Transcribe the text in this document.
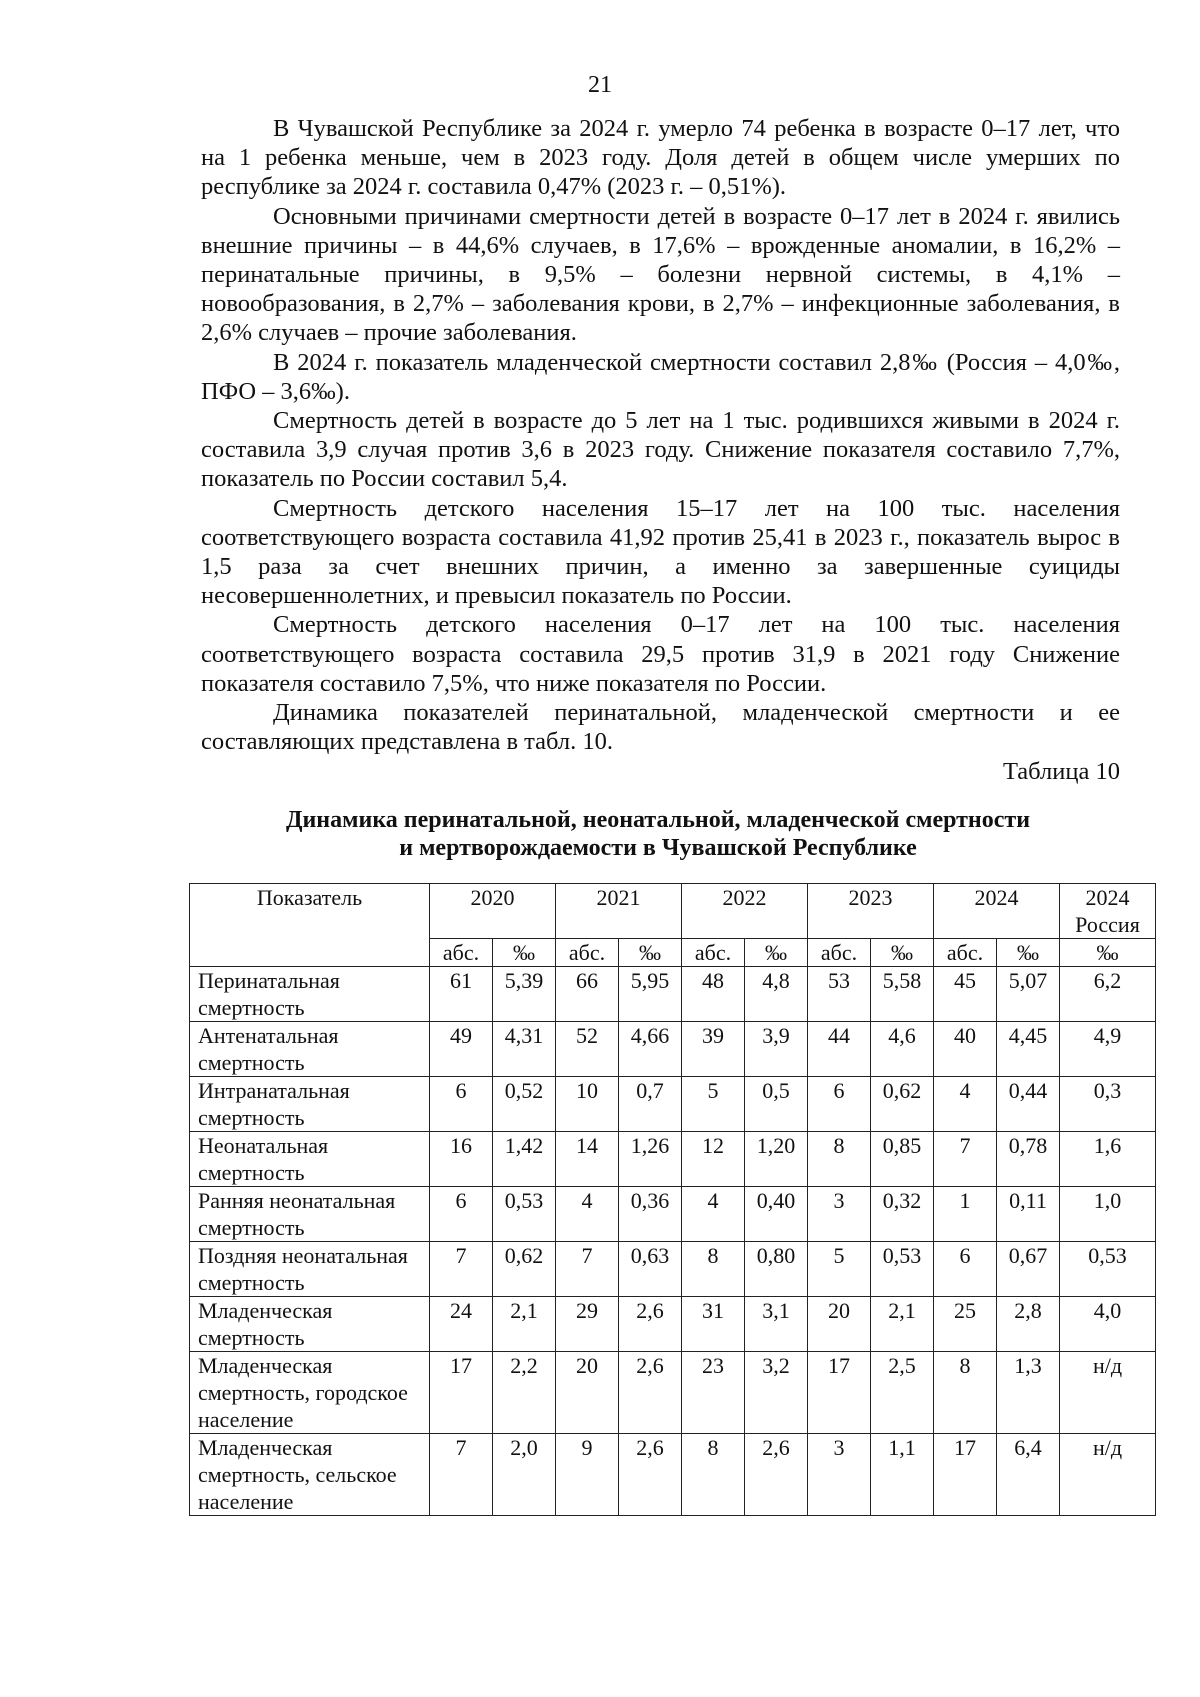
21

В Чувашской Республике за 2024 г. умерло 74 ребенка в возрасте 0–17 лет, что на 1 ребенка меньше, чем в 2023 году. Доля детей в общем числе умерших по республике за 2024 г. составила 0,47% (2023 г. – 0,51%).

Основными причинами смертности детей в возрасте 0–17 лет в 2024 г. явились внешние причины – в 44,6% случаев, в 17,6% – врожденные аномалии, в 16,2% – перинатальные причины, в 9,5% – болезни нервной системы, в 4,1% – новообразования, в 2,7% – заболевания крови, в 2,7% – инфекционные заболевания, в 2,6% случаев – прочие заболевания.

В 2024 г. показатель младенческой смертности составил 2,8‰ (Россия – 4,0‰, ПФО – 3,6‰).

Смертность детей в возрасте до 5 лет на 1 тыс. родившихся живыми в 2024 г. составила 3,9 случая против 3,6 в 2023 году. Снижение показателя составило 7,7%, показатель по России составил 5,4.

Смертность детского населения 15–17 лет на 100 тыс. населения соответствующего возраста составила 41,92 против 25,41 в 2023 г., показатель вырос в 1,5 раза за счет внешних причин, а именно за завершенные суициды несовершеннолетних, и превысил показатель по России.

Смертность детского населения 0–17 лет на 100 тыс. населения соответствующего возраста составила 29,5 против 31,9 в 2021 году Снижение показателя составило 7,5%, что ниже показателя по России.

Динамика показателей перинатальной, младенческой смертности и ее составляющих представлена в табл. 10.

Таблица 10
Динамика перинатальной, неонатальной, младенческой смертности
и мертворождаемости в Чувашской Республике
Показатель	2020		2021		2022		2023		2024		2024 Россия
	абс.	‰	абс.	‰	абс.	‰	абс.	‰	абс.	‰	‰
Перинатальная смертность	61	5,39	66	5,95	48	4,8	53	5,58	45	5,07	6,2
Антенатальная смертность	49	4,31	52	4,66	39	3,9	44	4,6	40	4,45	4,9
Интранатальная смертность	6	0,52	10	0,7	5	0,5	6	0,62	4	0,44	0,3
Неонатальная смертность	16	1,42	14	1,26	12	1,20	8	0,85	7	0,78	1,6
Ранняя неонатальная смертность	6	0,53	4	0,36	4	0,40	3	0,32	1	0,11	1,0
Поздняя неонатальная смертность	7	0,62	7	0,63	8	0,80	5	0,53	6	0,67	0,53
Младенческая смертность	24	2,1	29	2,6	31	3,1	20	2,1	25	2,8	4,0
Младенческая смертность, городское население	17	2,2	20	2,6	23	3,2	17	2,5	8	1,3	н/д
Младенческая смертность, сельское население	7	2,0	9	2,6	8	2,6	3	1,1	17	6,4	н/д
